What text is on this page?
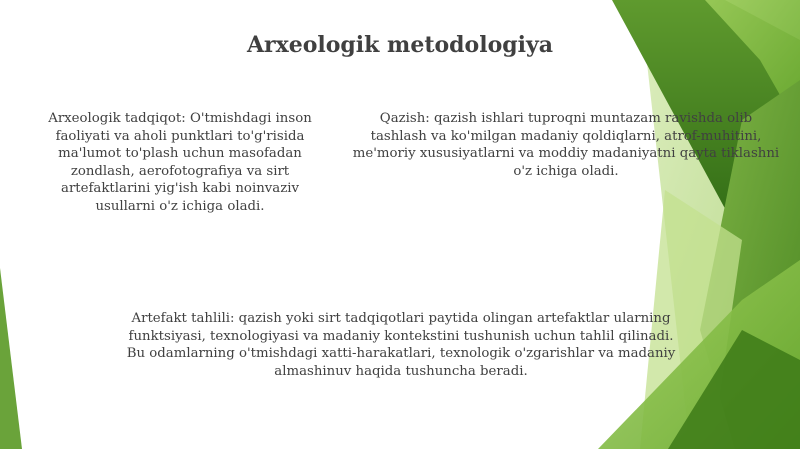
Arxeologik metodologiya

Arxeologik tadqiqot: O'tmishdagi inson faoliyati va aholi punktlari to'g'risida ma'lumot to'plash uchun masofadan zondlash, aerofotografiya va sirt artefaktlarini yig'ish kabi noinvaziv usullarni o'z ichiga oladi.

Qazish: qazish ishlari tuproqni muntazam ravishda olib tashlash va ko'milgan madaniy qoldiqlarni, atrof-muhitini, me'moriy xususiyatlarni va moddiy madaniyatni qayta tiklashni o'z ichiga oladi.

Artefakt tahlili: qazish yoki sirt tadqiqotlari paytida olingan artefaktlar ularning funktsiyasi, texnologiyasi va madaniy kontekstini tushunish uchun tahlil qilinadi. Bu odamlarning o'tmishdagi xatti-harakatlari, texnologik o'zgarishlar va madaniy almashinuv haqida tushuncha beradi.
